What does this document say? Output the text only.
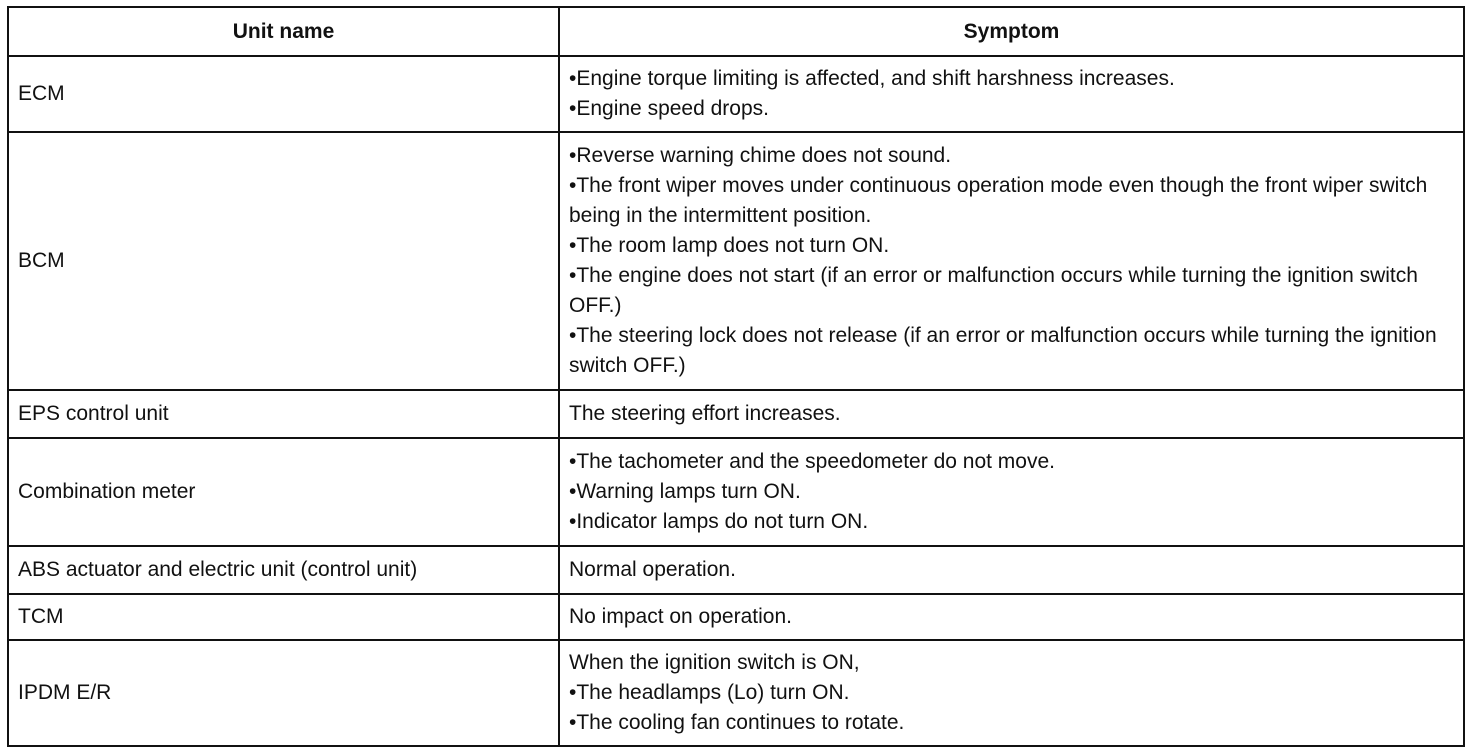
Unit name	Symptom
ECM	•Engine torque limiting is affected, and shift harshness increases.
•Engine speed drops.

BCM	•Reverse warning chime does not sound.
•The front wiper moves under continuous operation mode even though the front wiper switch being in the intermittent position.
•The room lamp does not turn ON.
•The engine does not start (if an error or malfunction occurs while turning the ignition switch OFF.)
•The steering lock does not release (if an error or malfunction occurs while turning the ignition switch OFF.)

EPS control unit	The steering effort increases.

Combination meter	•The tachometer and the speedometer do not move.
•Warning lamps turn ON.
•Indicator lamps do not turn ON.

ABS actuator and electric unit (control unit)	Normal operation.

TCM	No impact on operation.

IPDM E/R	When the ignition switch is ON,
•The headlamps (Lo) turn ON.
•The cooling fan continues to rotate.
